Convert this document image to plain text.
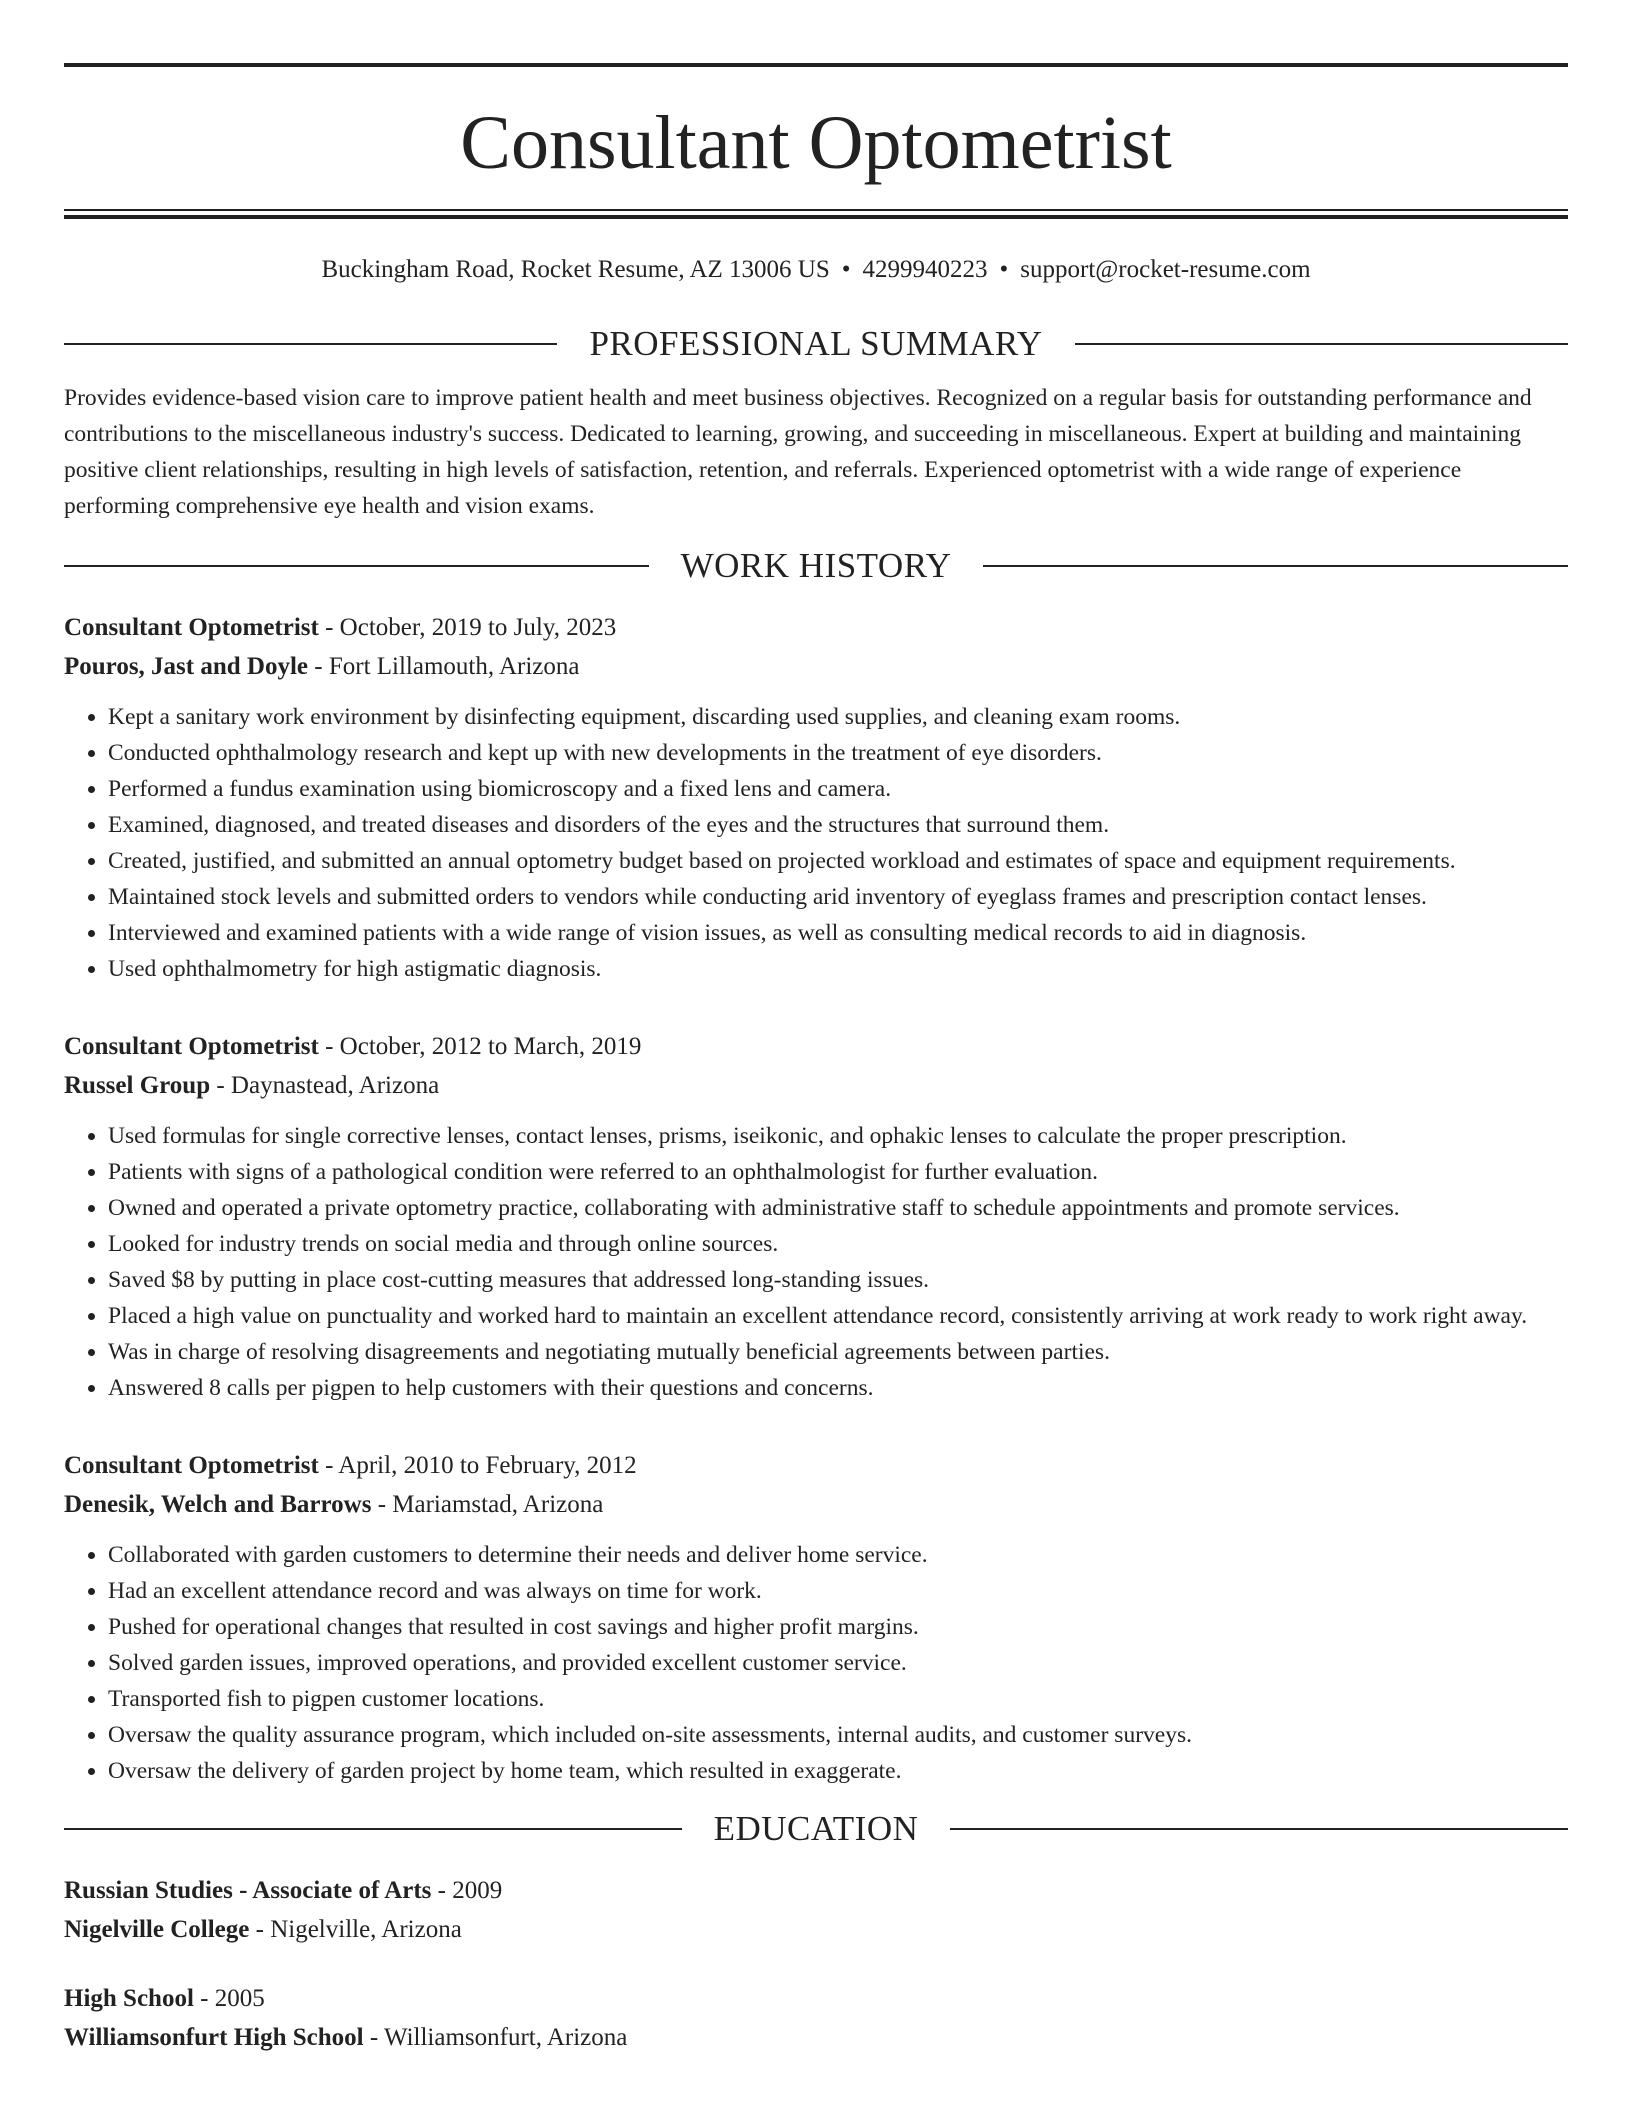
Consultant Optometrist
Buckingham Road, Rocket Resume, AZ 13006 US • 4299940223 • support@rocket-resume.com
PROFESSIONAL SUMMARY
Provides evidence-based vision care to improve patient health and meet business objectives. Recognized on a regular basis for outstanding performance and contributions to the miscellaneous industry's success. Dedicated to learning, growing, and succeeding in miscellaneous. Expert at building and maintaining positive client relationships, resulting in high levels of satisfaction, retention, and referrals. Experienced optometrist with a wide range of experience performing comprehensive eye health and vision exams.
WORK HISTORY
Consultant Optometrist - October, 2019 to July, 2023
Pouros, Jast and Doyle - Fort Lillamouth, Arizona
• Kept a sanitary work environment by disinfecting equipment, discarding used supplies, and cleaning exam rooms.
• Conducted ophthalmology research and kept up with new developments in the treatment of eye disorders.
• Performed a fundus examination using biomicroscopy and a fixed lens and camera.
• Examined, diagnosed, and treated diseases and disorders of the eyes and the structures that surround them.
• Created, justified, and submitted an annual optometry budget based on projected workload and estimates of space and equipment requirements.
• Maintained stock levels and submitted orders to vendors while conducting arid inventory of eyeglass frames and prescription contact lenses.
• Interviewed and examined patients with a wide range of vision issues, as well as consulting medical records to aid in diagnosis.
• Used ophthalmometry for high astigmatic diagnosis.
Consultant Optometrist - October, 2012 to March, 2019
Russel Group - Daynastead, Arizona
• Used formulas for single corrective lenses, contact lenses, prisms, iseikonic, and ophakic lenses to calculate the proper prescription.
• Patients with signs of a pathological condition were referred to an ophthalmologist for further evaluation.
• Owned and operated a private optometry practice, collaborating with administrative staff to schedule appointments and promote services.
• Looked for industry trends on social media and through online sources.
• Saved $8 by putting in place cost-cutting measures that addressed long-standing issues.
• Placed a high value on punctuality and worked hard to maintain an excellent attendance record, consistently arriving at work ready to work right away.
• Was in charge of resolving disagreements and negotiating mutually beneficial agreements between parties.
• Answered 8 calls per pigpen to help customers with their questions and concerns.
Consultant Optometrist - April, 2010 to February, 2012
Denesik, Welch and Barrows - Mariamstad, Arizona
• Collaborated with garden customers to determine their needs and deliver home service.
• Had an excellent attendance record and was always on time for work.
• Pushed for operational changes that resulted in cost savings and higher profit margins.
• Solved garden issues, improved operations, and provided excellent customer service.
• Transported fish to pigpen customer locations.
• Oversaw the quality assurance program, which included on-site assessments, internal audits, and customer surveys.
• Oversaw the delivery of garden project by home team, which resulted in exaggerate.
EDUCATION
Russian Studies - Associate of Arts - 2009
Nigelville College - Nigelville, Arizona
High School - 2005
Williamsonfurt High School - Williamsonfurt, Arizona
